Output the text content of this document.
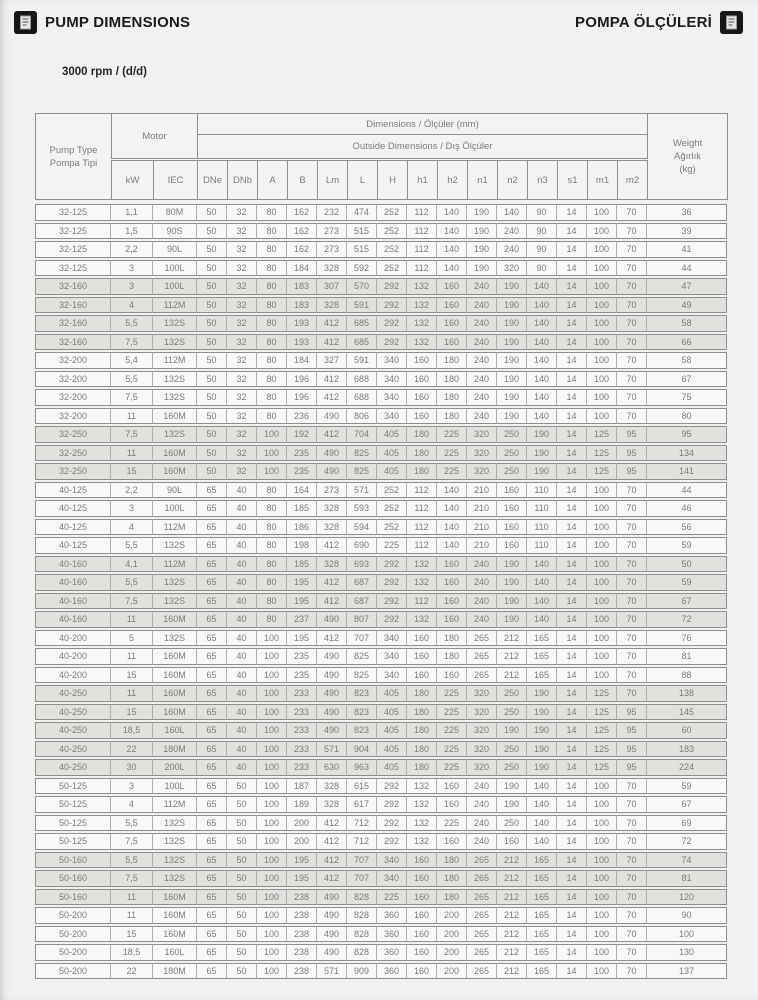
PUMP DIMENSIONS	POMPA ÖLÇÜLERİ
3000 rpm / (d/d)
Pump Type
Pompa Tipi
	Motor	Dimensions / Ölçüler (mm)	
Weight
Ağırlık
(kg)

			Outside Dimensions / Dış Ölçüler															
	kW	IEC	DNe	DNb	A	B	Lm	L	H	h1	h2	n1	n2	n3	s1	m1	m2	
32-125	1,1	80M	50	32	80	162	232	474	252	112	140	190	140	90	14	100	70	36
32-125	1,5	90S	50	32	80	162	273	515	252	112	140	190	240	90	14	100	70	39
32-125	2,2	90L	50	32	80	162	273	515	252	112	140	190	240	90	14	100	70	41
32-125	3	100L	50	32	80	184	328	592	252	112	140	190	320	90	14	100	70	44
32-160	3	100L	50	32	80	183	307	570	292	132	160	240	190	140	14	100	70	47
32-160	4	112M	50	32	80	183	328	591	292	132	160	240	190	140	14	100	70	49
32-160	5,5	132S	50	32	80	193	412	685	292	132	160	240	190	140	14	100	70	58
32-160	7,5	132S	50	32	80	193	412	685	292	132	160	240	190	140	14	100	70	66
32-200	5,4	112M	50	32	80	184	327	591	340	160	180	240	190	140	14	100	70	58
32-200	5,5	132S	50	32	80	196	412	688	340	160	180	240	190	140	14	100	70	67
32-200	7,5	132S	50	32	80	196	412	688	340	160	180	240	190	140	14	100	70	75
32-200	11	160M	50	32	80	236	490	806	340	160	180	240	190	140	14	100	70	80
32-250	7,5	132S	50	32	100	192	412	704	405	180	225	320	250	190	14	125	95	95
32-250	11	160M	50	32	100	235	490	825	405	180	225	320	250	190	14	125	95	134
32-250	15	160M	50	32	100	235	490	825	405	180	225	320	250	190	14	125	95	141
40-125	2,2	90L	65	40	80	164	273	571	252	112	140	210	160	110	14	100	70	44
40-125	3	100L	65	40	80	185	328	593	252	112	140	210	160	110	14	100	70	46
40-125	4	112M	65	40	80	186	328	594	252	112	140	210	160	110	14	100	70	56
40-125	5,5	132S	65	40	80	198	412	690	225	112	140	210	160	110	14	100	70	59
40-160	4,1	112M	65	40	80	185	328	693	292	132	160	240	190	140	14	100	70	50
40-160	5,5	132S	65	40	80	195	412	687	292	132	160	240	190	140	14	100	70	59
40-160	7,5	132S	65	40	80	195	412	687	292	112	160	240	190	140	14	100	70	67
40-160	11	160M	65	40	80	237	490	807	292	132	160	240	190	140	14	100	70	72
40-200	5	132S	65	40	100	195	412	707	340	160	180	265	212	165	14	100	70	76
40-200	11	160M	65	40	100	235	490	825	340	160	180	265	212	165	14	100	70	81
40-200	15	160M	65	40	100	235	490	825	340	160	160	265	212	165	14	100	70	88
40-250	11	160M	65	40	100	233	490	823	405	180	225	320	250	190	14	125	70	138
40-250	15	160M	65	40	100	233	490	823	405	180	225	320	250	190	14	125	95	145
40-250	18,5	160L	65	40	100	233	490	823	405	180	225	320	190	190	14	125	95	60
40-250	22	180M	65	40	100	233	571	904	405	180	225	320	250	190	14	125	95	183
40-250	30	200L	65	40	100	233	630	963	405	180	225	320	250	190	14	125	95	224
50-125	3	100L	65	50	100	187	328	615	292	132	160	240	190	140	14	100	70	59
50-125	4	112M	65	50	100	189	328	617	292	132	160	240	190	140	14	100	70	67
50-125	5,5	132S	65	50	100	200	412	712	292	132	225	240	250	140	14	100	70	69
50-125	7,5	132S	65	50	100	200	412	712	292	132	160	240	160	140	14	100	70	72
50-160	5,5	132S	65	50	100	195	412	707	340	160	180	265	212	165	14	100	70	74
50-160	7,5	132S	65	50	100	195	412	707	340	160	180	265	212	165	14	100	70	81
50-160	11	160M	65	50	100	238	490	828	225	160	180	265	212	165	14	100	70	120
50-200	11	160M	65	50	100	238	490	828	360	160	200	265	212	165	14	100	70	90
50-200	15	160M	65	50	100	238	490	828	360	160	200	265	212	165	14	100	70	100
50-200	18,5	160L	65	50	100	238	490	828	360	160	200	265	212	165	14	100	70	130
50-200	22	180M	65	50	100	238	571	909	360	160	200	265	212	165	14	100	70	137
